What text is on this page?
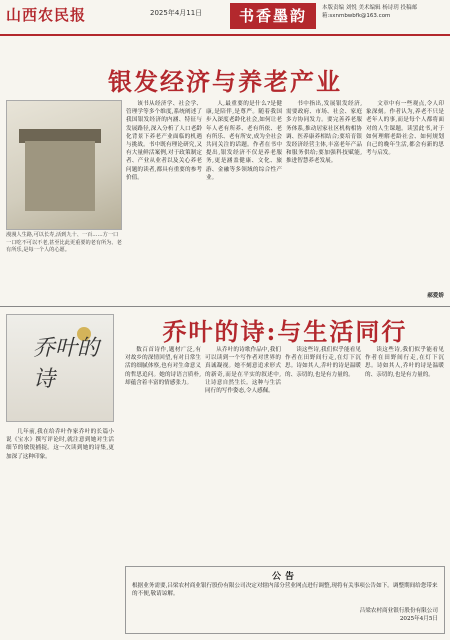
山西农民报	2025年4月11日	书香墨韵	本版责编 刘悦 美术编辑 杨诗玥 投稿邮箱:sxnmbwbfk@163.com
银发经济与养老产业
漫漫人生路,可以长寿,活到九十、一百……方一口一口吃不可以不老,甚至比此更重要的老有所为、老有所乐,是每一个人的心愿。

该书从经济学、社会学、管理学等多个维度,系统阐述了我国银发经济的内涵、特征与发展路径,深入分析了人口老龄化背景下养老产业面临的机遇与挑战。书中既有理论研究,又有大量鲜活案例,对于政策制定者、产业从业者以及关心养老问题的读者,都具有重要的参考价值。

人,最重要的是什么?是健康,是陪伴,是尊严。随着我国步入深度老龄化社会,如何让老年人老有所养、老有所依、老有所乐、老有所安,成为全社会共同关注的话题。作者在书中提出,银发经济不仅是养老服务,更是涵盖健康、文化、旅游、金融等多领域的综合性产业。

书中指出,发展银发经济,需要政府、市场、社会、家庭多方协同发力。要完善养老服务体系,推动居家社区机构相协调、医养康养相结合;要培育银发经济经营主体,丰富老年产品和服务供给;要加强科技赋能,推进智慧养老发展。

文章中有一些观点,令人印象深刻。作者认为,养老不只是老年人的事,而是每个人都将面对的人生课题。读罢此书,对于如何理解老龄社会、如何规划自己的晚年生活,都会有新的思考与启发。

郝爱娇
乔叶的诗
乔叶的诗:与生活同行

几年前,我在给乔叶作家乔叶的长篇小说《宝水》撰写评论时,就注意到她对生活细节的敏锐捕捉。这一次读到她的诗集,更加深了这种印象。

数百首诗作,题材广泛,有对故乡的深情回望,有对日常生活的细腻体察,也有对生命意义的哲思追问。她的诗语言质朴,却蕴含着丰富的情感张力。

从乔叶的诗歌作品中,我们可以读到一个写作者对世界的真诚凝视。她不刻意追求形式的新奇,而是在平实的叙述中,让诗意自然生长。这种与生活同行的写作姿态,令人感佩。

读这些诗,我们似乎能看见作者在田野间行走,在灯下沉思。诗如其人,乔叶的诗是温暖的、亲切的,也是有力量的。

读这些诗,我们似乎能看见作者在田野间行走,在灯下沉思。诗如其人,乔叶的诗是温暖的、亲切的,也是有力量的。

公告
根据业务需要,吕梁农村商业银行股份有限公司决定对辖内部分营业网点进行调整,现将有关事项公告如下。调整期间给您带来的不便,敬请谅解。
吕梁农村商业银行股份有限公司
2025年4月5日
